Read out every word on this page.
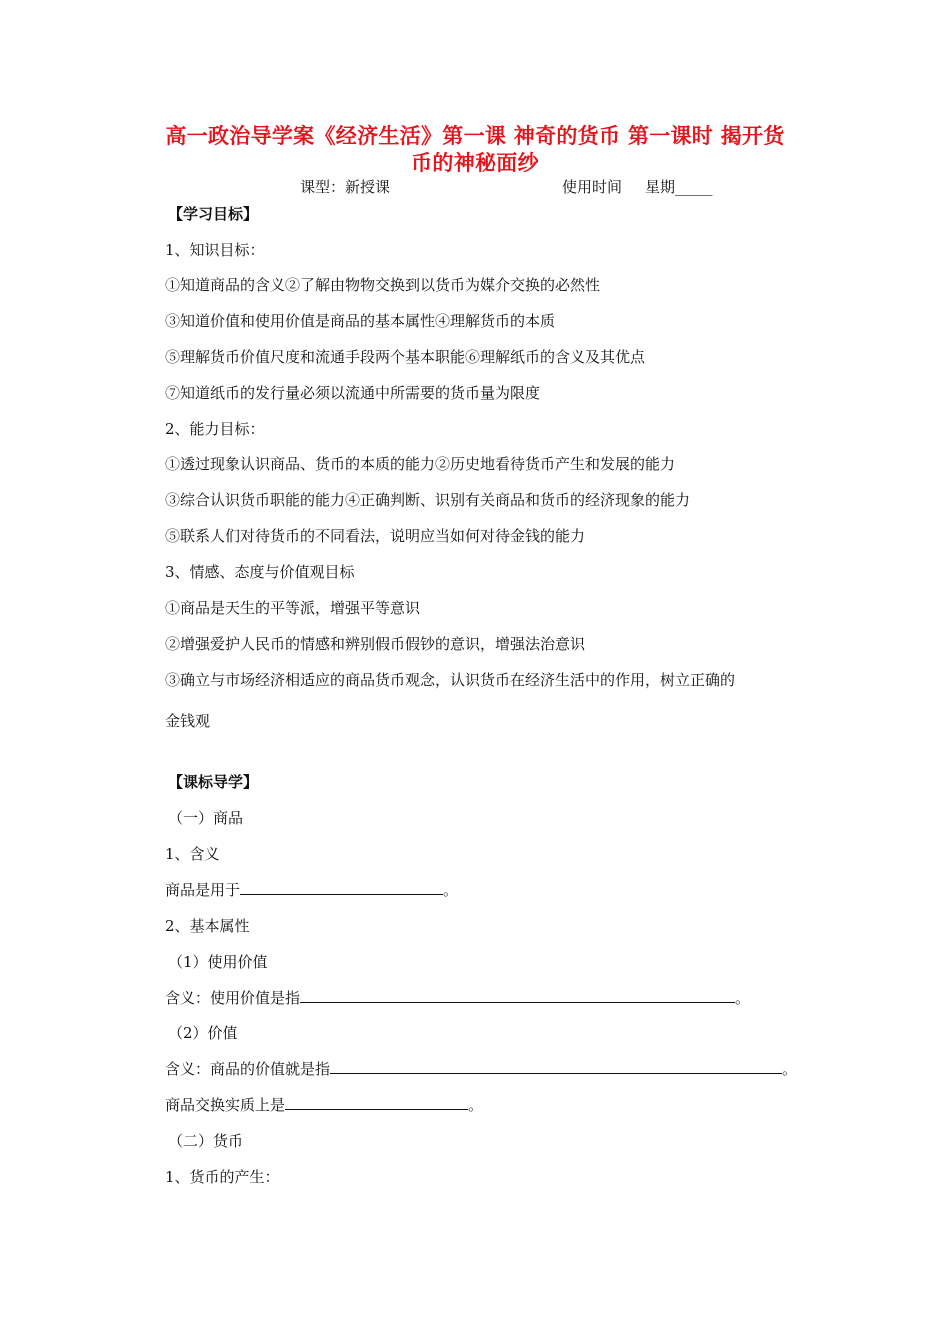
高一政治导学案《经济生活》第一课 神奇的货币 第一课时 揭开货
币的神秘面纱
课型：新授课	使用时间 星期_____
【学习目标】
1、知识目标：
①知道商品的含义②了解由物物交换到以货币为媒介交换的必然性
③知道价值和使用价值是商品的基本属性④理解货币的本质
⑤理解货币价值尺度和流通手段两个基本职能⑥理解纸币的含义及其优点
⑦知道纸币的发行量必须以流通中所需要的货币量为限度
2、能力目标：
①透过现象认识商品、货币的本质的能力②历史地看待货币产生和发展的能力
③综合认识货币职能的能力④正确判断、识别有关商品和货币的经济现象的能力
⑤联系人们对待货币的不同看法，说明应当如何对待金钱的能力
3、情感、态度与价值观目标
①商品是天生的平等派，增强平等意识
②增强爱护人民币的情感和辨别假币假钞的意识，增强法治意识
③确立与市场经济相适应的商品货币观念，认识货币在经济生活中的作用，树立正确的
金钱观
【课标导学】
（一）商品
1、含义
商品是用于	。
2、基本属性
（1）使用价值
含义：使用价值是指	。
（2）价值
含义：商品的价值就是指	。
商品交换实质上是	。
（二）货币
1、货币的产生：
